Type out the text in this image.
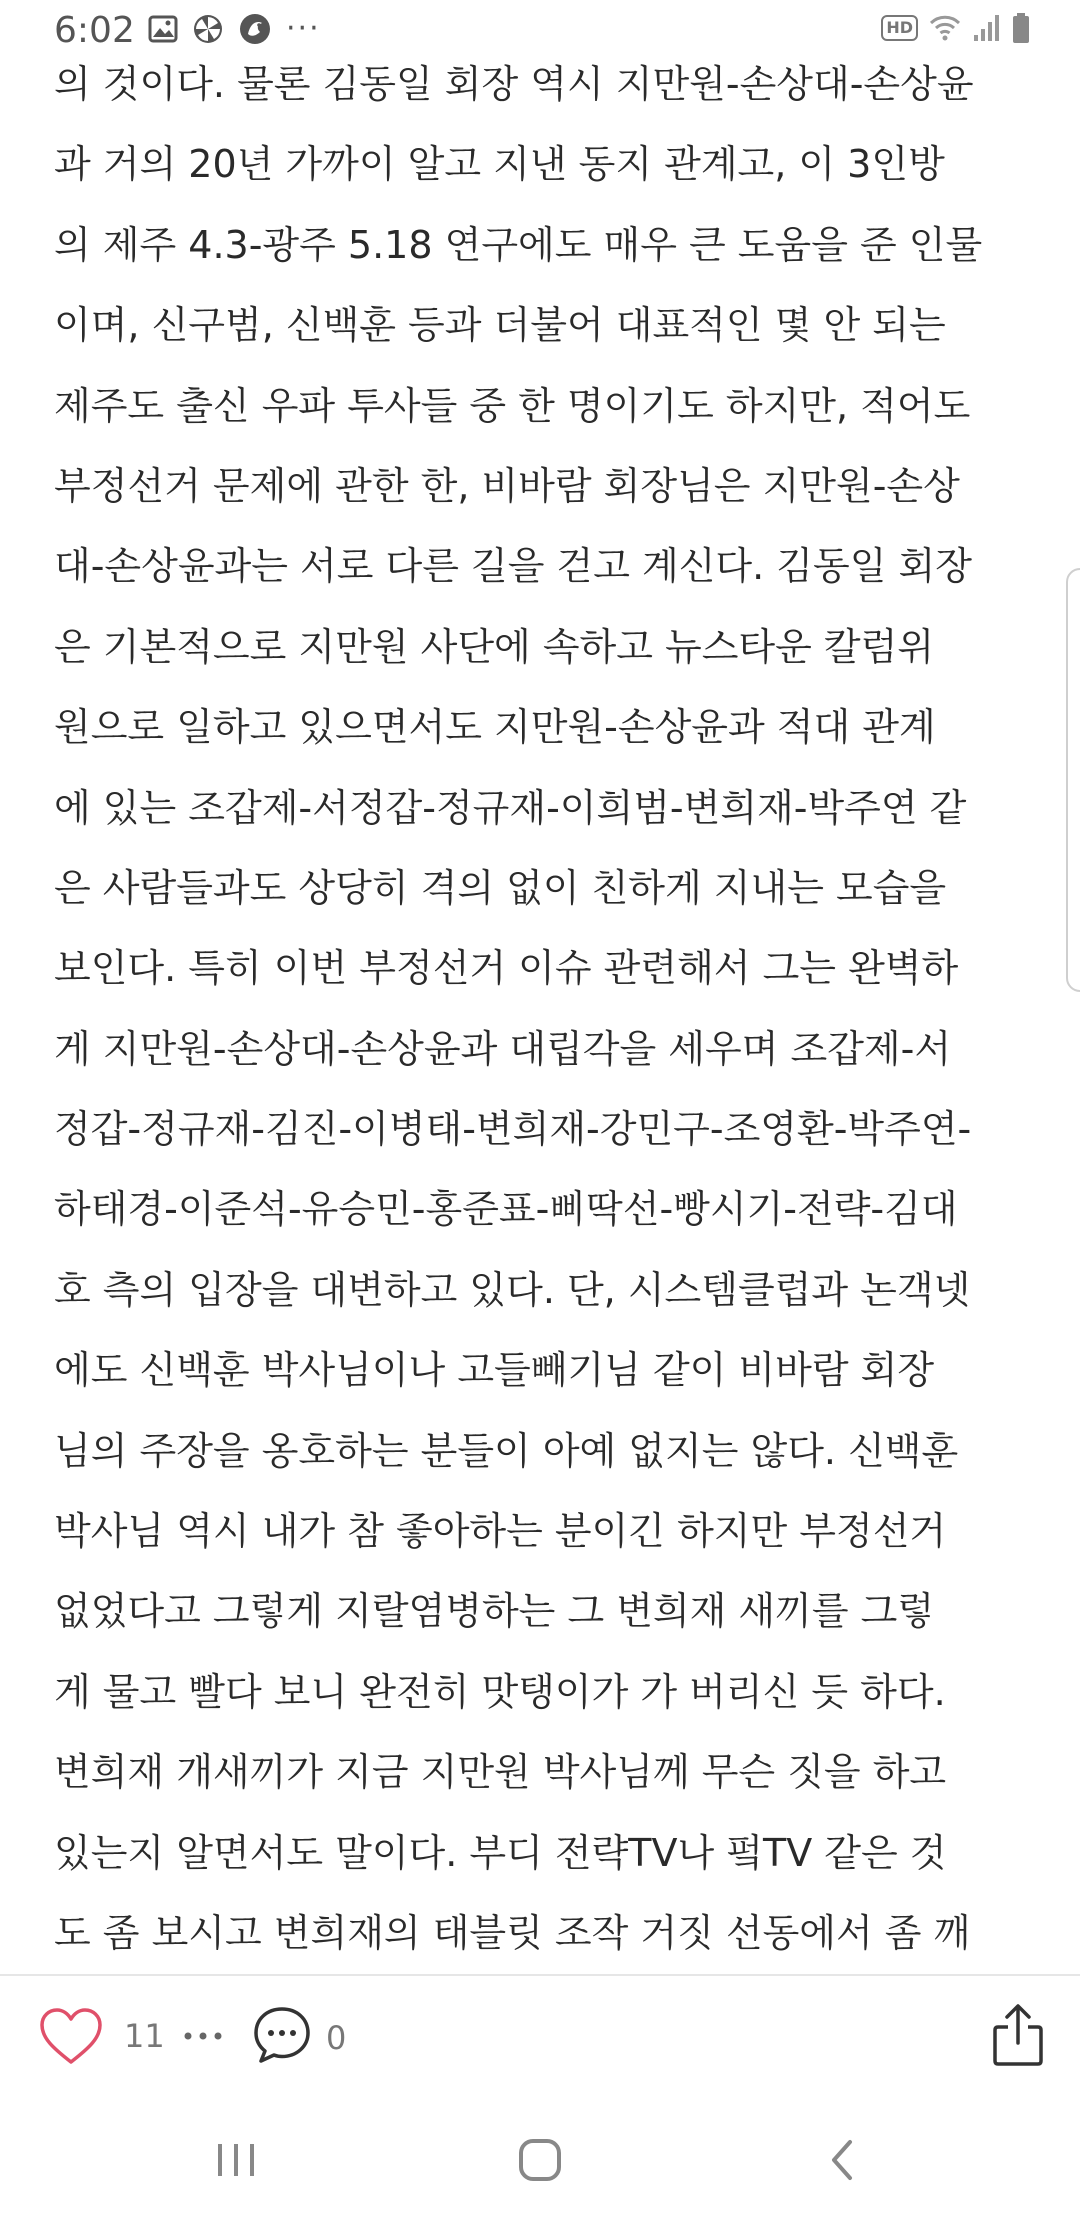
6:02	···	HD
의 것이다. 물론 김동일 회장 역시 지만원-손상대-손상윤
과 거의 20년 가까이 알고 지낸 동지 관계고, 이 3인방
의 제주 4.3-광주 5.18 연구에도 매우 큰 도움을 준 인물
이며, 신구범, 신백훈 등과 더불어 대표적인 몇 안 되는
제주도 출신 우파 투사들 중 한 명이기도 하지만, 적어도
부정선거 문제에 관한 한, 비바람 회장님은 지만원-손상
대-손상윤과는 서로 다른 길을 걷고 계신다. 김동일 회장
은 기본적으로 지만원 사단에 속하고 뉴스타운 칼럼위
원으로 일하고 있으면서도 지만원-손상윤과 적대 관계
에 있는 조갑제-서정갑-정규재-이희범-변희재-박주연 같
은 사람들과도 상당히 격의 없이 친하게 지내는 모습을
보인다. 특히 이번 부정선거 이슈 관련해서 그는 완벽하
게 지만원-손상대-손상윤과 대립각을 세우며 조갑제-서
정갑-정규재-김진-이병태-변희재-강민구-조영환-박주연-
하태경-이준석-유승민-홍준표-삐딱선-빵시기-전략-김대
호 측의 입장을 대변하고 있다. 단, 시스템클럽과 논객넷
에도 신백훈 박사님이나 고들빼기님 같이 비바람 회장
님의 주장을 옹호하는 분들이 아예 없지는 않다. 신백훈
박사님 역시 내가 참 좋아하는 분이긴 하지만 부정선거
없었다고 그렇게 지랄염병하는 그 변희재 새끼를 그렇
게 물고 빨다 보니 완전히 맛탱이가 가 버리신 듯 하다.
변희재 개새끼가 지금 지만원 박사님께 무슨 짓을 하고
있는지 알면서도 말이다. 부디 전략TV나 펔TV 같은 것
도 좀 보시고 변희재의 태블릿 조작 거짓 선동에서 좀 깨
11	0
